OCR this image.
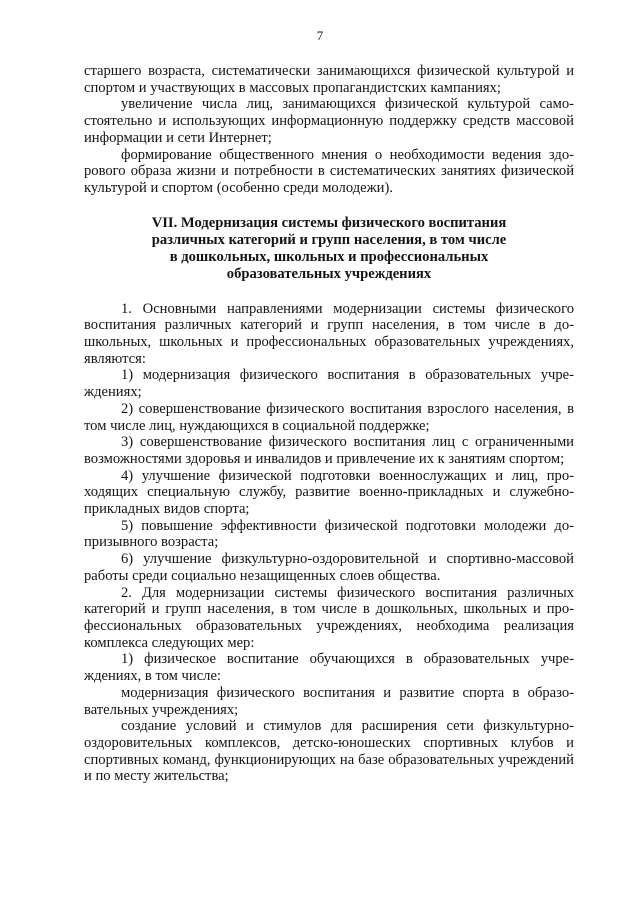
7

старшего возраста, систематически занимающихся физической культурой и спортом и участвующих в массовых пропагандистских кампаниях;

увеличение числа лиц, занимающихся физической культурой самостоятельно и использующих информационную поддержку средств массовой информации и сети Интернет;

формирование общественного мнения о необходимости ведения здорового образа жизни и потребности в систематических занятиях физической культурой и спортом (особенно среди молодежи).

VII. Модернизация системы физического воспитания
различных категорий и групп населения, в том числе
в дошкольных, школьных и профессиональных
образовательных учреждениях

1. Основными направлениями модернизации системы физического воспитания различных категорий и групп населения, в том числе в дошкольных, школьных и профессиональных образовательных учреждениях, являются:

1) модернизация физического воспитания в образовательных учреждениях;

2) совершенствование физического воспитания взрослого населения, в том числе лиц, нуждающихся в социальной поддержке;

3) совершенствование физического воспитания лиц с ограниченными возможностями здоровья и инвалидов и привлечение их к занятиям спортом;

4) улучшение физической подготовки военнослужащих и лиц, проходящих специальную службу, развитие военно-прикладных и служебно-прикладных видов спорта;

5) повышение эффективности физической подготовки молодежи допризывного возраста;

6) улучшение физкультурно-оздоровительной и спортивно-массовой работы среди социально незащищенных слоев общества.

2. Для модернизации системы физического воспитания различных категорий и групп населения, в том числе в дошкольных, школьных и профессиональных образовательных учреждениях, необходима реализация комплекса следующих мер:

1) физическое воспитание обучающихся в образовательных учреждениях, в том числе:

модернизация физического воспитания и развитие спорта в образовательных учреждениях;

создание условий и стимулов для расширения сети физкультурно-оздоровительных комплексов, детско-юношеских спортивных клубов и спортивных команд, функционирующих на базе образовательных учреждений и по месту жительства;
